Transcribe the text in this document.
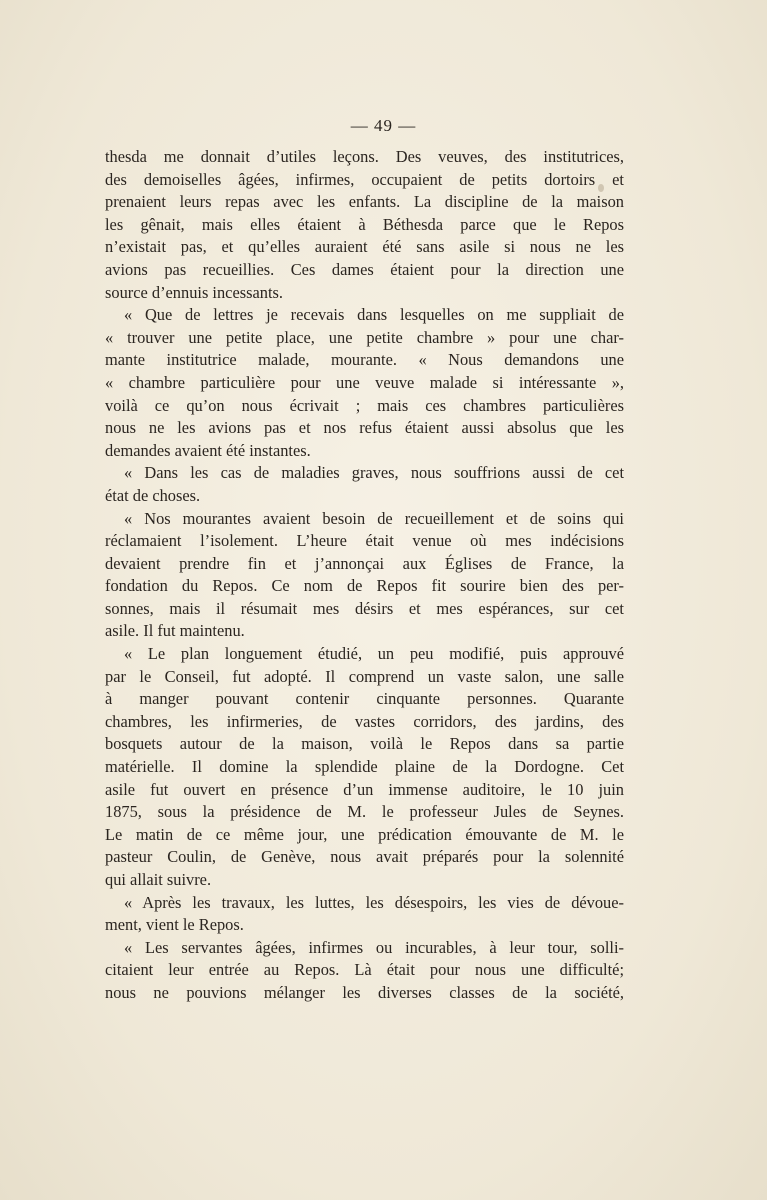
— 49 —
thesda me donnait d’utiles leçons. Des veuves, des institutrices,
des demoiselles âgées, infirmes, occupaient de petits dortoirs et
prenaient leurs repas avec les enfants. La discipline de la maison
les gênait, mais elles étaient à Béthesda parce que le Repos
n’existait pas, et qu’elles auraient été sans asile si nous ne les
avions pas recueillies. Ces dames étaient pour la direction une
source d’ennuis incessants.
« Que de lettres je recevais dans lesquelles on me suppliait de
« trouver une petite place, une petite chambre » pour une char-
mante institutrice malade, mourante. « Nous demandons une
« chambre particulière pour une veuve malade si intéressante »,
voilà ce qu’on nous écrivait ; mais ces chambres particulières
nous ne les avions pas et nos refus étaient aussi absolus que les
demandes avaient été instantes.
« Dans les cas de maladies graves, nous souffrions aussi de cet
état de choses.
« Nos mourantes avaient besoin de recueillement et de soins qui
réclamaient l’isolement. L’heure était venue où mes indécisions
devaient prendre fin et j’annonçai aux Églises de France, la
fondation du Repos. Ce nom de Repos fit sourire bien des per-
sonnes, mais il résumait mes désirs et mes espérances, sur cet
asile. Il fut maintenu.
« Le plan longuement étudié, un peu modifié, puis approuvé
par le Conseil, fut adopté. Il comprend un vaste salon, une salle
à manger pouvant contenir cinquante personnes. Quarante
chambres, les infirmeries, de vastes corridors, des jardins, des
bosquets autour de la maison, voilà le Repos dans sa partie
matérielle. Il domine la splendide plaine de la Dordogne. Cet
asile fut ouvert en présence d’un immense auditoire, le 10 juin
1875, sous la présidence de M. le professeur Jules de Seynes.
Le matin de ce même jour, une prédication émouvante de M. le
pasteur Coulin, de Genève, nous avait préparés pour la solennité
qui allait suivre.
« Après les travaux, les luttes, les désespoirs, les vies de dévoue-
ment, vient le Repos.
« Les servantes âgées, infirmes ou incurables, à leur tour, solli-
citaient leur entrée au Repos. Là était pour nous une difficulté;
nous ne pouvions mélanger les diverses classes de la société,
